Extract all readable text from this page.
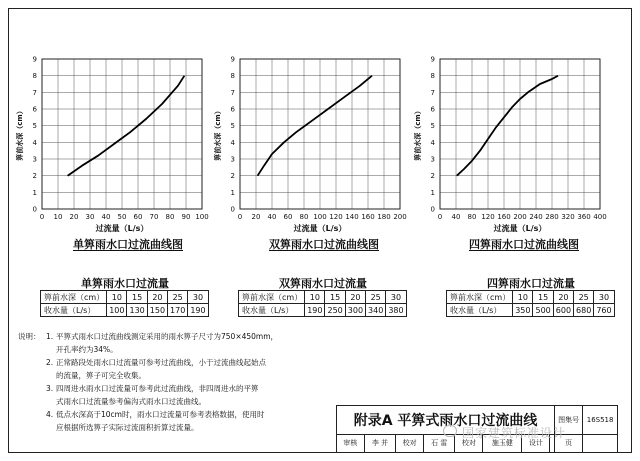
0 10 20 30 40 50 60 70 80 90 100
0
1
2
3
4
5
6
7
8
9
过流量（L/s）
箅前水深（cm）
0 20 40 60 80 100 120 140 160 180 200
0
1
2
3
4
5
6
7
8
9
过流量（L/s）
箅前水深（cm）
0 40 80 120 160 200 240 280 320 360 400
0
1
2
3
4
5
6
7
8
9
过流量（L/s）
箅前水深（cm）
单箅雨水口过流曲线图	双箅雨水口过流曲线图	四箅雨水口过流曲线图
单箅雨水口过流量
箅前水深（cm）	10	15	20	25	30
收水量（L/s）	100	130	150	170	190
双箅雨水口过流量
箅前水深（cm）	10	15	20	25	30
收水量（L/s）	190	250	300	340	380
四箅雨水口过流量
箅前水深（cm）	10	15	20	25	30
收水量（L/s）	350	500	600	680	760
说明： 1. 平箅式雨水口过流曲线测定采用的雨水箅子尺寸为750×450mm，
开孔率约为34%。
2. 正常路段处雨水口过流量可参考过流曲线，小于过流曲线起始点
的流量，箅子可完全收集。
3. 四周进水雨水口过流量可参考此过流曲线，非四周进水的平箅
式雨水口过流量参考偏沟式雨水口过流曲线。
4. 低点水深高于10cm时，雨水口过流量可参考表格数据，使用时
应根据所选箅子实际过流面积折算过流量。	附录A 平箅式雨水口过流曲线								图集号	16S518
审核	李 并	校对	石 雷	校对	施玉健	设计		页	
国家建筑标准设计
